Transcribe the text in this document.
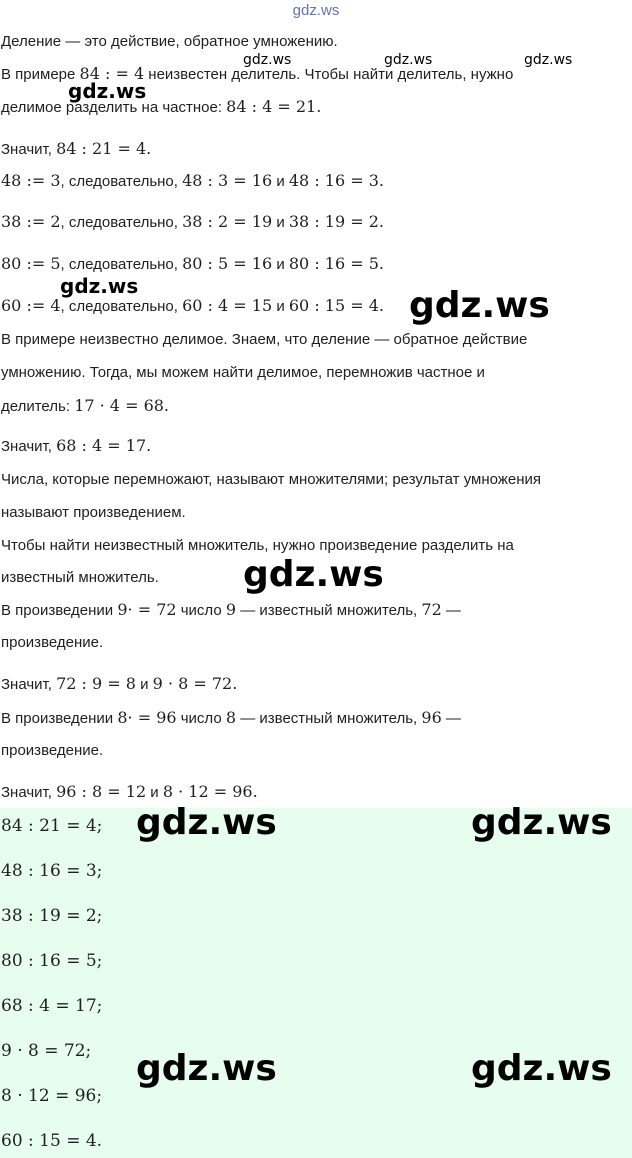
gdz.ws
Деление — это действие, обратное умножению.
В примере 84 : = 4 неизвестен делитель. Чтобы найти делитель, нужно
делимое разделить на частное: 84 : 4 = 21.
Значит, 84 : 21 = 4.
48 := 3, следовательно, 48 : 3 = 16 и 48 : 16 = 3.
38 := 2, следовательно, 38 : 2 = 19 и 38 : 19 = 2.
80 := 5, следовательно, 80 : 5 = 16 и 80 : 16 = 5.
60 := 4, следовательно, 60 : 4 = 15 и 60 : 15 = 4.
В примере неизвестно делимое. Знаем, что деление — обратное действие
умножению. Тогда, мы можем найти делимое, перемножив частное и
делитель: 17 · 4 = 68.
Значит, 68 : 4 = 17.
Числа, которые перемножают, называют множителями; результат умножения
называют произведением.
Чтобы найти неизвестный множитель, нужно произведение разделить на
известный множитель.
В произведении 9· = 72 число 9 — известный множитель, 72 —
произведение.
Значит, 72 : 9 = 8 и 9 · 8 = 72.
В произведении 8· = 96 число 8 — известный множитель, 96 —
произведение.
Значит, 96 : 8 = 12 и 8 · 12 = 96.
84 : 21 = 4;
48 : 16 = 3;
38 : 19 = 2;
80 : 16 = 5;
68 : 4 = 17;
9 · 8 = 72;
8 · 12 = 96;
60 : 15 = 4.
gdz.ws	gdz.ws	gdz.ws
gdz.ws
gdz.ws	gdz.ws
gdz.ws
gdz.ws	gdz.ws
gdz.ws	gdz.ws
